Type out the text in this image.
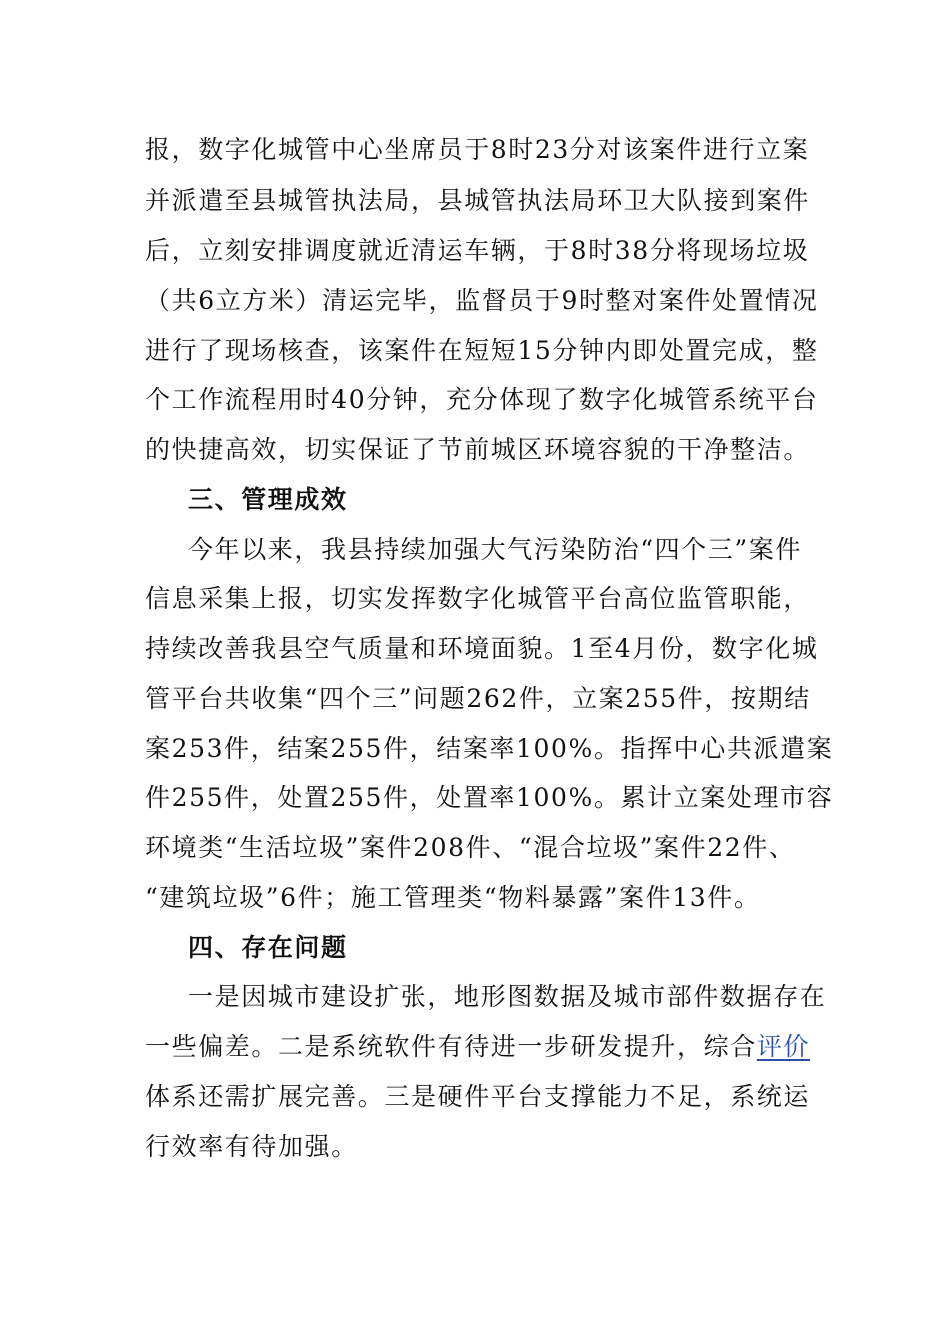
报，数字化城管中心坐席员于8时23分对该案件进行立案
并派遣至县城管执法局，县城管执法局环卫大队接到案件
后，立刻安排调度就近清运车辆，于8时38分将现场垃圾
（共6立方米）清运完毕，监督员于9时整对案件处置情况
进行了现场核查，该案件在短短15分钟内即处置完成，整
个工作流程用时40分钟，充分体现了数字化城管系统平台
的快捷高效，切实保证了节前城区环境容貌的干净整洁。
三、管理成效
今年以来，我县持续加强大气污染防治“四个三”案件
信息采集上报，切实发挥数字化城管平台高位监管职能，
持续改善我县空气质量和环境面貌。1至4月份，数字化城
管平台共收集“四个三”问题262件，立案255件，按期结
案253件，结案255件，结案率100%。指挥中心共派遣案
件255件，处置255件，处置率100%。累计立案处理市容
环境类“生活垃圾”案件208件、“混合垃圾”案件22件、
“建筑垃圾”6件；施工管理类“物料暴露”案件13件。
四、存在问题
一是因城市建设扩张，地形图数据及城市部件数据存在
一些偏差。二是系统软件有待进一步研发提升，综合评价
体系还需扩展完善。三是硬件平台支撑能力不足，系统运
行效率有待加强。
